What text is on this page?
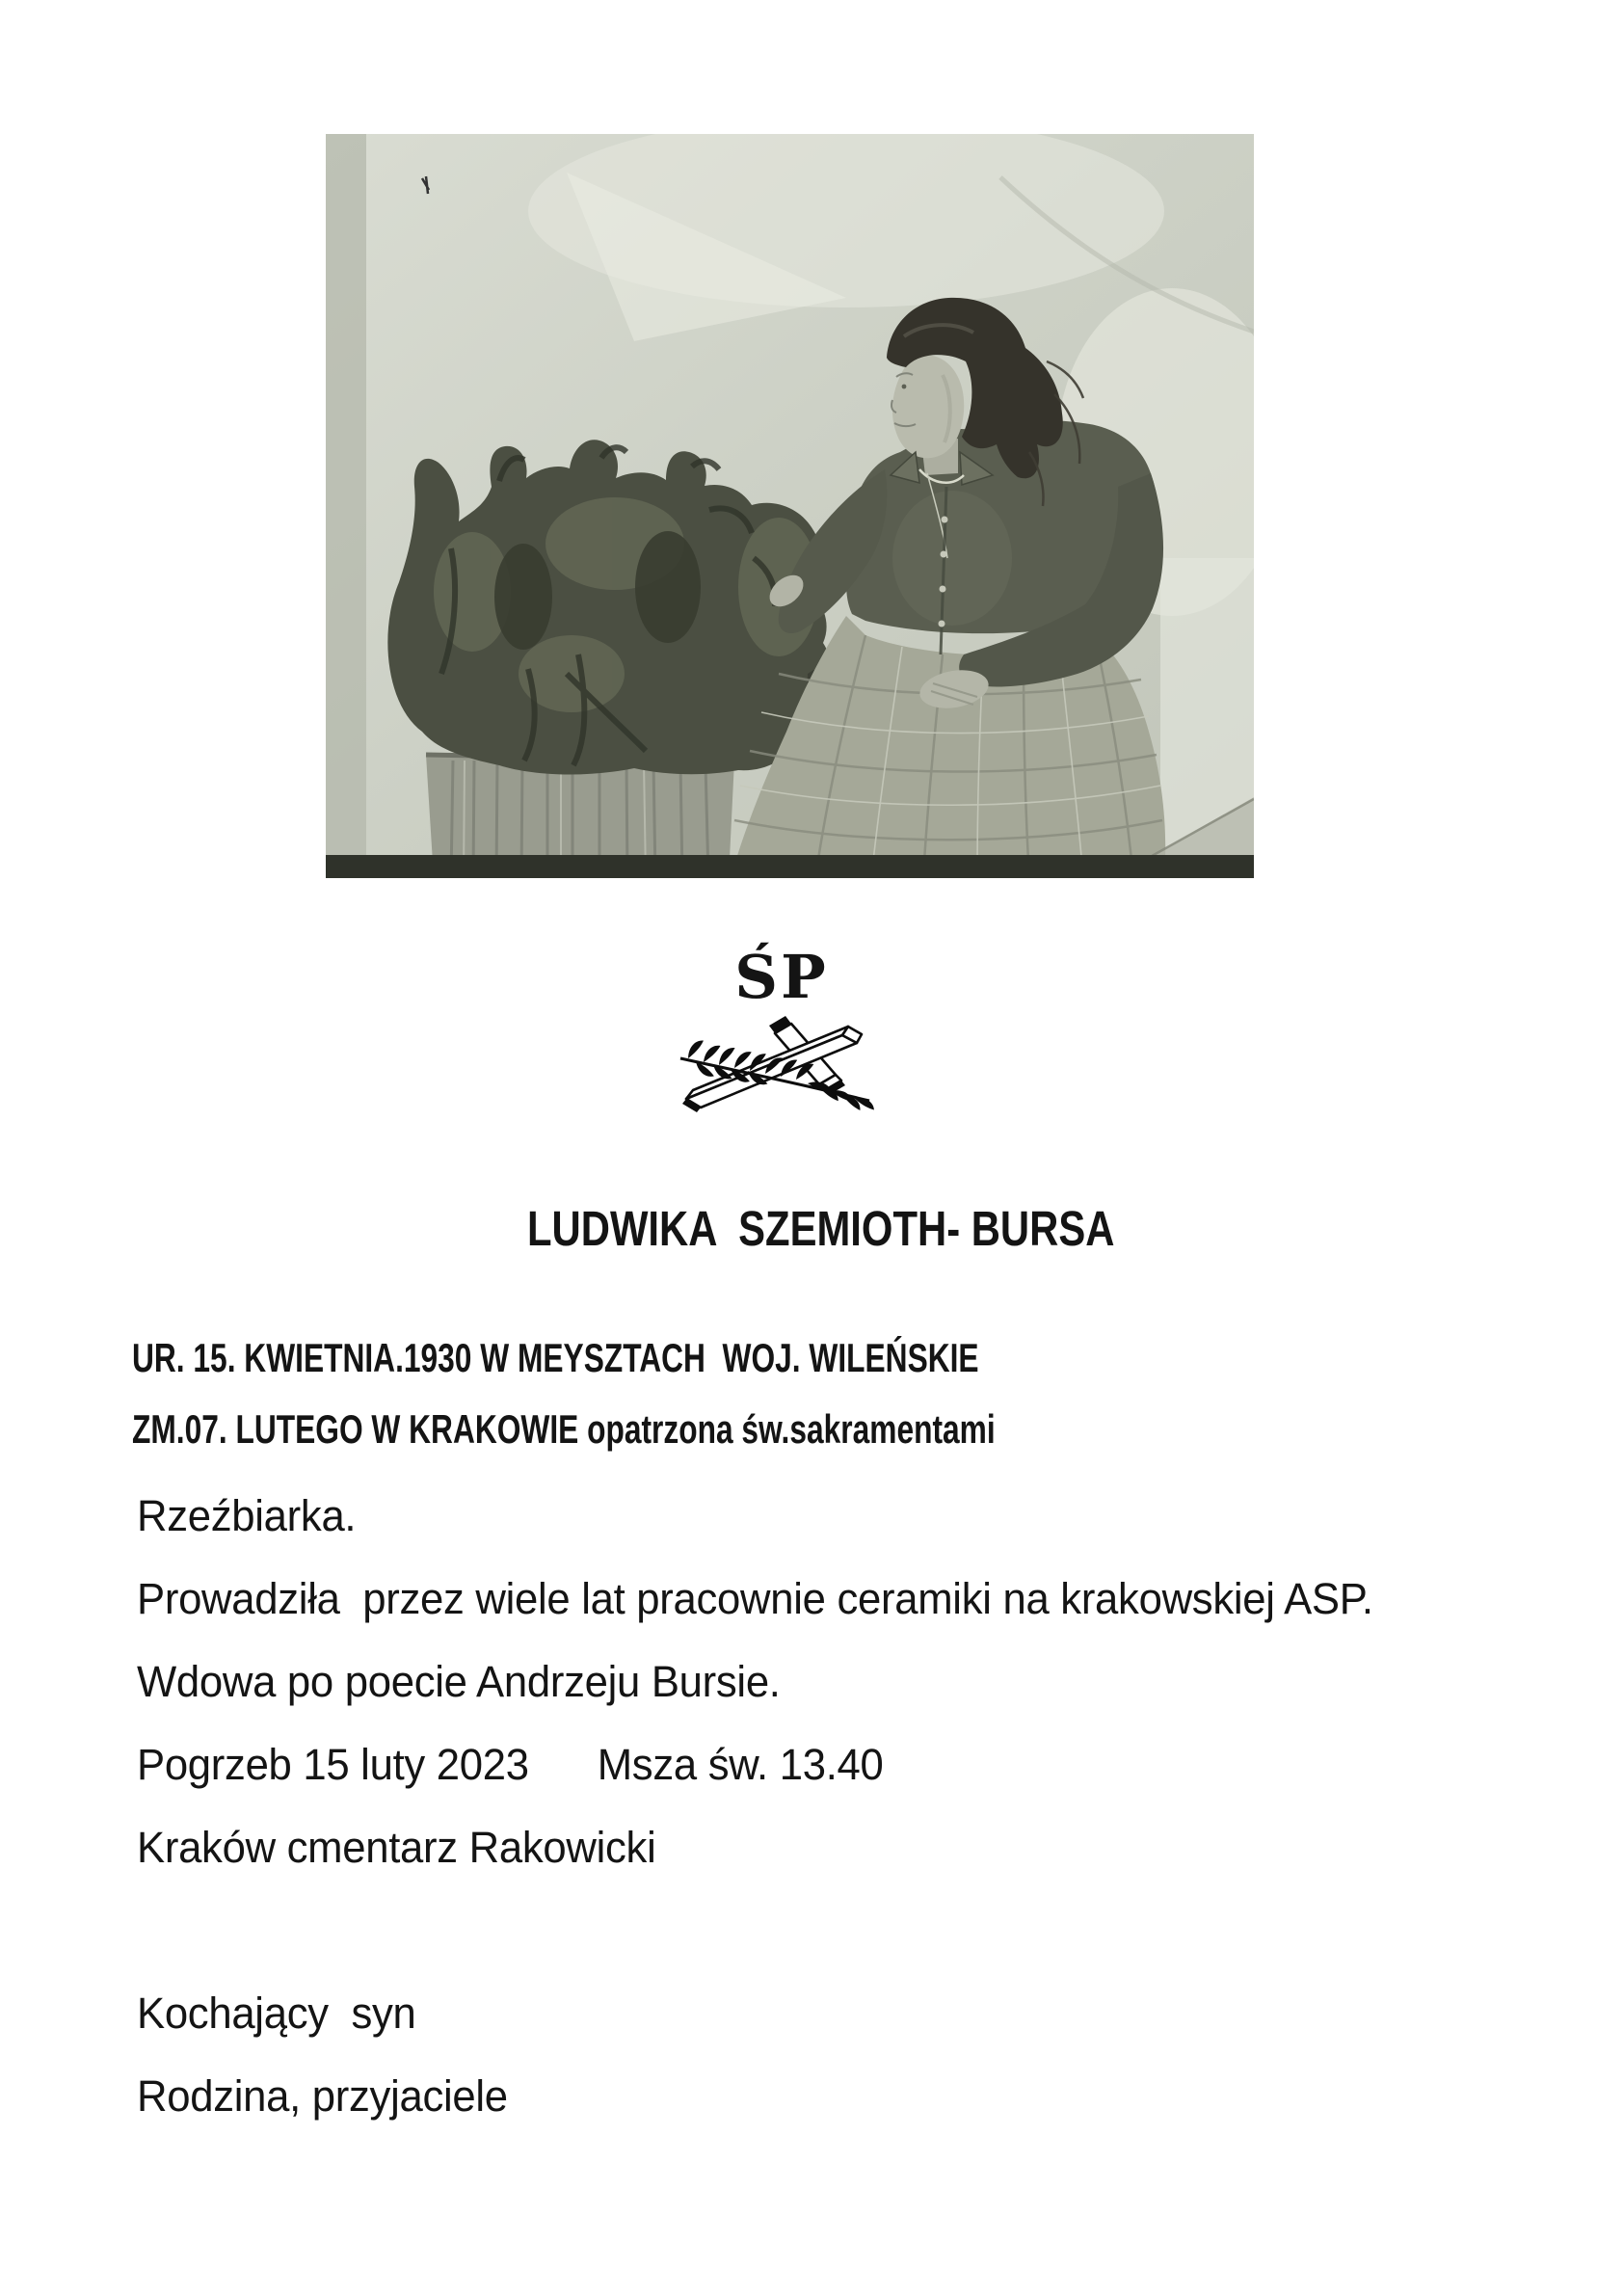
ŚP
LUDWIKA  SZEMIOTH- BURSA
UR. 15. KWIETNIA.1930 W MEYSZTACH  WOJ. WILEŃSKIE
ZM.07. LUTEGO W KRAKOWIE opatrzona św.sakramentami
Rzeźbiarka.
Prowadziła  przez wiele lat pracownie ceramiki na krakowskiej ASP.
Wdowa po poecie Andrzeju Bursie.
Pogrzeb 15 luty 2023      Msza św. 13.40
Kraków cmentarz Rakowicki
Kochający  syn
Rodzina, przyjaciele
